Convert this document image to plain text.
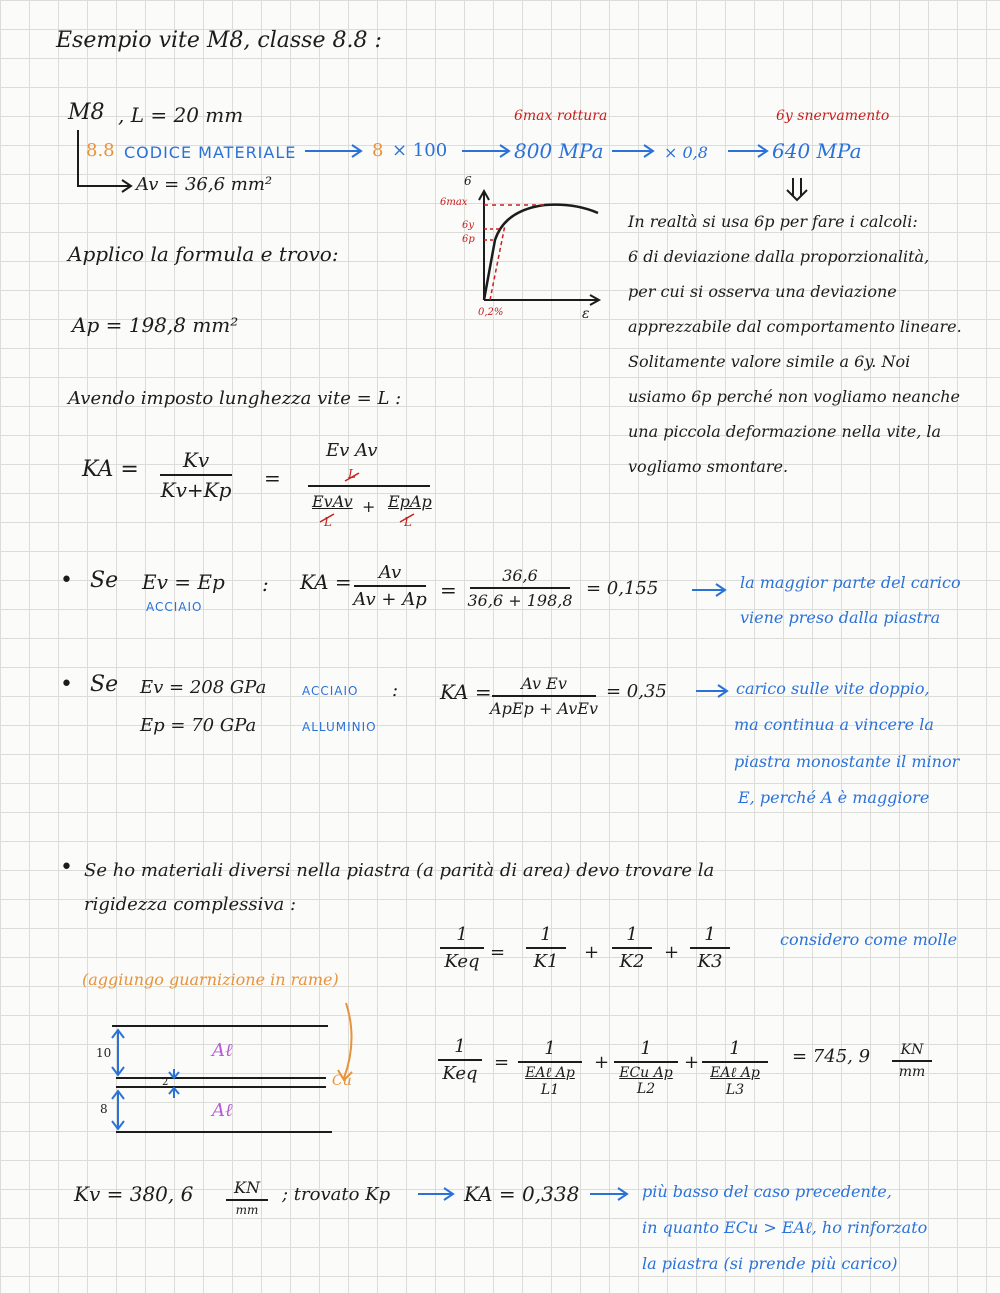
Esempio vite M8, classe 8.8 :
M8 , L = 20 mm	6max rottura	6y snervamento
8.8 CODICE MATERIALE	8 × 100	800 MPa	× 0,8	640 MPa
Av = 36,6 mm²	6
6max
6y
6p
0,2%	ε
In realtà si usa 6p per fare i calcoli:
6 di deviazione dalla proporzionalità,
per cui si osserva una deviazione
apprezzabile dal comportamento lineare.
Solitamente valore simile a 6y. Noi
usiamo 6p perché non vogliamo neanche
una piccola deformazione nella vite, la
vogliamo smontare.
Applico la formula e trovo:
Ap = 198,8 mm²
Avendo imposto lunghezza vite = L :
KA = Kv
Kv+Kp =
Ev Av
L
EvAv + EpAp
L	L
• Se Ev = Ep
ACCIAIO
: KA = Av
Av + Ap =
36,6
36,6 + 198,8
= 0,155	la maggior parte del carico
viene preso dalla piastra
• Se Ev = 208 GPa
Ep = 70 GPa
ACCIAIO
ALLUMINIO
: KA = Av Ev
ApEp + AvEv
= 0,35	carico sulle vite doppio,
ma continua a vincere la
piastra monostante il minor
E, perché A è maggiore
• Se ho materiali diversi nella piastra (a parità di area) devo trovare la
rigidezza complessiva :
(aggiungo guarnizione in rame)
Aℓ
Aℓ
Cu
10
2
8
1
Keq =
1
K1 +
1
K2 +
1
K3
considero come molle
1
Keq
=
1
EAℓ Ap
L1
+
1
ECu Ap
L2
+
1
EAℓ Ap
L3
= 745, 9 KN
mm
Kv = 380, 6	KN
mm
; trovato Kp	KA = 0,338	più basso del caso precedente,
in quanto ECu > EAℓ, ho rinforzato
la piastra (si prende più carico)
